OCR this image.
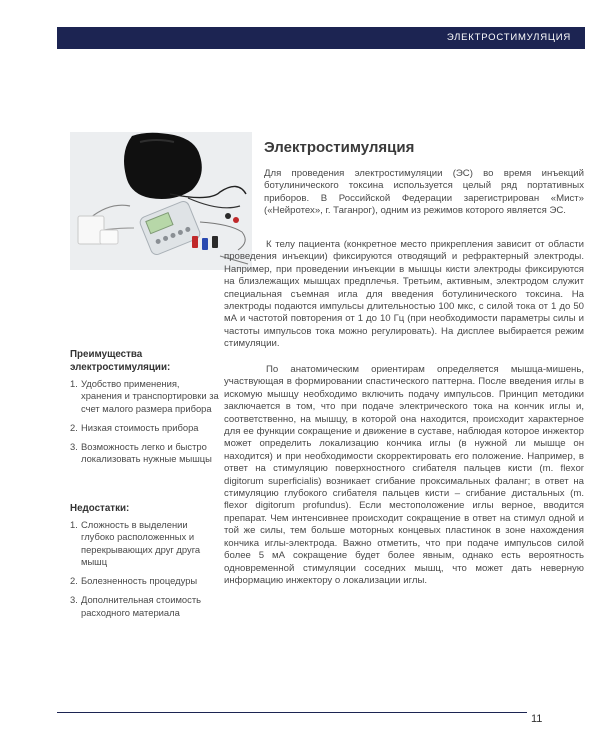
ЭЛЕКТРОСТИМУЛЯЦИЯ
Электростимуляция

Для проведения электростимуляции (ЭС) во время инъекций ботулинического токсина используется целый ряд портативных приборов. В Российской Федерации зарегистрирован «Мист» («Нейротех», г. Таганрог), одним из режимов которого является ЭС.

К телу пациента (конкретное место прикрепления зависит от области проведения инъекции) фиксируются отводящий и рефрактерный электроды. Например, при проведении инъекции в мышцы кисти электроды фиксируются на близлежащих мышцах предплечья. Третьим, активным, электродом служит специальная съемная игла для введения ботулинического токсина. На электроды подаются импульсы длительностью 100 мкс, с силой тока от 1 до 50 мА и частотой повторения от 1 до 10 Гц (при необходимости параметры силы и частоты импульсов тока можно регулировать). На дисплее выбирается режим стимуляции.

По анатомическим ориентирам определяется мышца-мишень, участвующая в формировании спастического паттерна. После введения иглы в искомую мышцу необходимо включить подачу импульсов. Принцип методики заключается в том, что при подаче электрического тока на кончик иглы и, соответственно, на мышцу, в которой она находится, происходит характерное для ее функции сокращение и движение в суставе, наблюдая которое инжектор может определить локализацию кончика иглы (в нужной ли мышце он находится) и при необходимости скорректировать его положение. Например, в ответ на стимуляцию поверхностного сгибателя пальцев кисти (m. flexor digitorum superficialis) возникает сгибание проксимальных фаланг; в ответ на стимуляцию глубокого сгибателя пальцев кисти – сгибание дистальных (m. flexor digitorum profundus). Если местоположение иглы верное, вводится препарат. Чем интенсивнее происходит сокращение в ответ на стимул одной и той же силы, тем больше моторных концевых пластинок в зоне нахождения кончика иглы-электрода. Важно отметить, что при подаче импульсов силой более 5 мА сокращение будет более явным, однако есть вероятность одновременной стимуляции соседних мышц, что может дать неверную информацию инжектору о локализации иглы.

Преимущества электростимуляции:
1. Удобство применения, хранения и транспортировки за счет малого размера прибора
2. Низкая стоимость прибора
3. Возможность легко и быстро локализовать нужные мышцы
Недостатки:
1. Сложность в выделении глубоко расположенных и перекрывающих друг друга мышц
2. Болезненность процедуры
3. Дополнительная стоимость расходного материала
11
